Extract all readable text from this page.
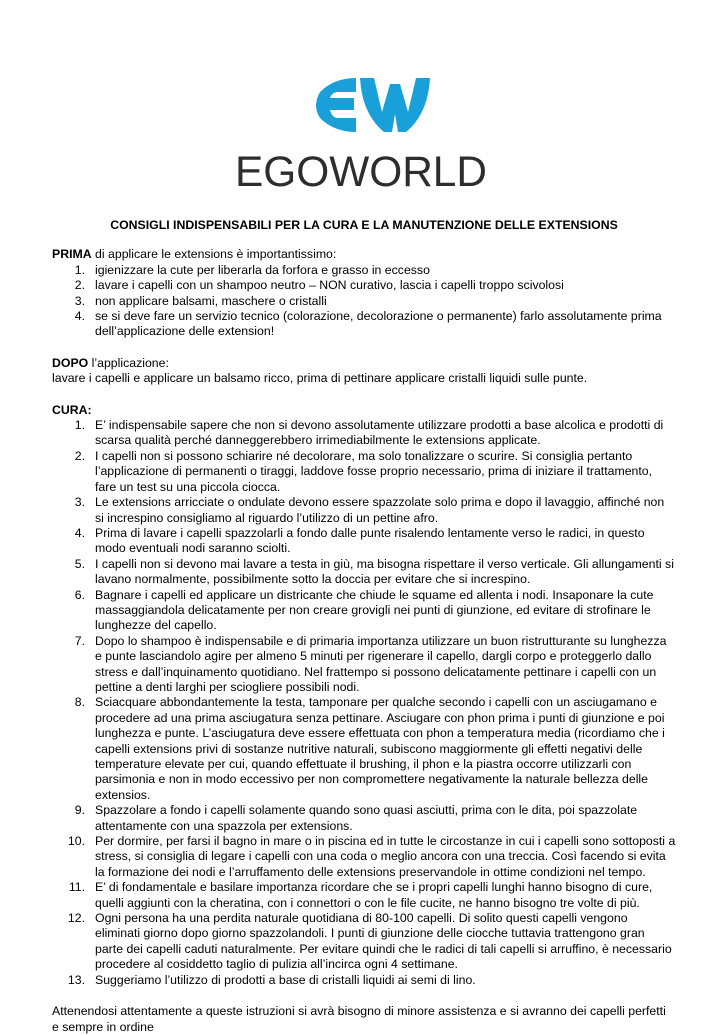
EGOWORLD
CONSIGLI INDISPENSABILI PER LA CURA E LA MANUTENZIONE DELLE EXTENSIONS

PRIMA di applicare le extensions è importantissimo:

1. igienizzare la cute per liberarla da forfora e grasso in eccesso
2. lavare i capelli con un shampoo neutro – NON curativo, lascia i capelli troppo scivolosi
3. non applicare balsami, maschere o cristalli
4. se si deve fare un servizio tecnico (colorazione, decolorazione o permanente) farlo assolutamente prima dell’applicazione delle extension!

DOPO l’applicazione:

lavare i capelli e applicare un balsamo ricco, prima di pettinare applicare cristalli liquidi sulle punte.

CURA:

1. E’ indispensabile sapere che non si devono assolutamente utilizzare prodotti a base alcolica e prodotti di scarsa qualità perché danneggerebbero irrimediabilmente le extensions applicate.
2. I capelli non si possono schiarire né decolorare, ma solo tonalizzare o scurire. Si consiglia pertanto l’applicazione di permanenti o tiraggi, laddove fosse proprio necessario, prima di iniziare il trattamento, fare un test su una piccola ciocca.
3. Le extensions arricciate o ondulate devono essere spazzolate solo prima e dopo il lavaggio, affinché non si increspino consigliamo al riguardo l’utilizzo di un pettine afro.
4. Prima di lavare i capelli spazzolarli a fondo dalle punte risalendo lentamente verso le radici, in questo modo eventuali nodi saranno sciolti.
5. I capelli non si devono mai lavare a testa in giù, ma bisogna rispettare il verso verticale. Gli allungamenti si lavano normalmente, possibilmente sotto la doccia per evitare che si increspino.
6. Bagnare i capelli ed applicare un districante che chiude le squame ed allenta i nodi. Insaponare la cute massaggiandola delicatamente per non creare grovigli nei punti di giunzione, ed evitare di strofinare le lunghezze del capello.
7. Dopo lo shampoo è indispensabile e di primaria importanza utilizzare un buon ristrutturante su lunghezza e punte lasciandolo agire per almeno 5 minuti per rigenerare il capello, dargli corpo e proteggerlo dallo stress e dall’inquinamento quotidiano. Nel frattempo si possono delicatamente pettinare i capelli con un pettine a denti larghi per sciogliere possibili nodi.
8. Sciacquare abbondantemente la testa, tamponare per qualche secondo i capelli con un asciugamano e procedere ad una prima asciugatura senza pettinare. Asciugare con phon prima i punti di giunzione e poi lunghezza e punte. L’asciugatura deve essere effettuata con phon a temperatura media (ricordiamo che i capelli extensions privi di sostanze nutritive naturali, subiscono maggiormente gli effetti negativi delle temperature elevate per cui, quando effettuate il brushing, il phon e la piastra occorre utilizzarli con parsimonia e non in modo eccessivo per non compromettere negativamente la naturale bellezza delle extensios.
9. Spazzolare a fondo i capelli solamente quando sono quasi asciutti, prima con le dita, poi spazzolate attentamente con una spazzola per extensions.
10. Per dormire, per farsi il bagno in mare o in piscina ed in tutte le circostanze in cui i capelli sono sottoposti a stress, si consiglia di legare i capelli con una coda o meglio ancora con una treccia. Così facendo si evita la formazione dei nodi e l’arruffamento delle extensions preservandole in ottime condizioni nel tempo.
11. E’ di fondamentale e basilare importanza ricordare che se i propri capelli lunghi hanno bisogno di cure, quelli aggiunti con la cheratina, con i connettori o con le file cucite, ne hanno bisogno tre volte di più.
12. Ogni persona ha una perdita naturale quotidiana di 80-100 capelli. Di solito questi capelli vengono eliminati giorno dopo giorno spazzolandoli. I punti di giunzione delle ciocche tuttavia trattengono gran parte dei capelli caduti naturalmente. Per evitare quindi che le radici di tali capelli si arruffino, è necessario procedere al cosiddetto taglio di pulizia all’incirca ogni 4 settimane.
13. Suggeriamo l’utilizzo di prodotti a base di cristalli liquidi ai semi di lino.

Attenendosi attentamente a queste istruzioni si avrà bisogno di minore assistenza e si avranno dei capelli perfetti e sempre in ordine
